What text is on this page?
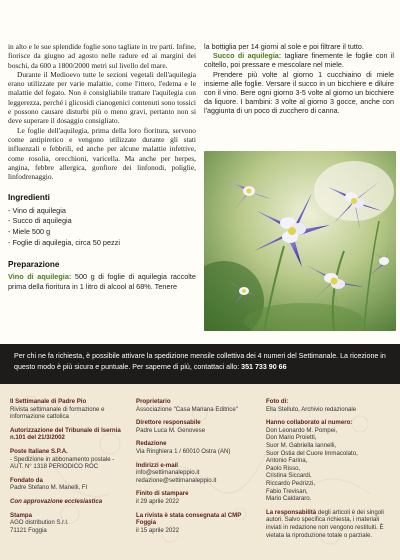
in alto e le sue splendide foglie sono tagliate in tre parti. Infine, fiorisce da giugno ad agosto nelle radure ed ai margini dei boschi, da 600 a 1800/2000 metri sul livello del mare.

Durante il Medioevo tutte le sezioni vegetali dell'aquilegia erano utilizzate per varie malattie, come l'ittero, l'edema e le malattie del fegato. Non è consigliabile trattare l'aquilegia con leggerezza, perché i glicosidi cianogenici contenuti sono tossici e possono causare disturbi più o meno gravi, pertanto non si deve superare il dosaggio consigliato.

Le foglie dell'aquilegia, prima della loro fioritura, servono come antipiretico e vengono utilizzate durante gli stati influenzali e febbrili, ed anche per alcune malattie infettive, come rosolia, orecchioni, varicella. Ma anche per herpes, angina, febbre allergica, gonfiore dei linfonodi, poliglie, linfodrenaggio.

Ingredienti
- Vino di aquilegia
- Succo di aquilegia
- Miele 500 g
- Foglie di aquilegia, circa 50 pezzi
Preparazione
Vino di aquilegia: 500 g di foglie di aquilegia raccolte prima della fioritura in 1 litro di alcool al 68%. Tenere

la bottiglia per 14 giorni al sole e poi filtrare il tutto.

Succo di aquilegia: tagliare finemente le foglie con il coltello, poi pressare e mescolare nel miele.

Prendere più volte al giorno 1 cucchiaino di miele insieme alle foglie. Versare il succo in un bicchiere e diluire con il vino. Bere ogni giorno 3-5 volte al giorno un bicchiere da liquore. I bambini: 3 volte al giorno 3 gocce, anche con l'aggiunta di un poco di zucchero di canna.

Per chi ne fa richiesta, è possibile attivare la spedizione mensile collettiva dei 4 numeri del Settimanale. La ricezione in questo modo è più sicura e puntuale. Per saperne di più, contattaci allo: 351 733 90 66
Il Settimanale di Padre Pio
Rivista settimanale di formazione e informazione cattolica
Autorizzazione del Tribunale di Isernia n.101 del 21/3/2002
Poste Italiane S.P.A.
- Spedizione in abbonamento postale - AUT. N° 1318 PERIODICO ROC
Fondato da
Padre Stefano M. Manelli, FI
Con approvazione ecclesiastica
Stampa
AGO distribution S.r.l.
71121 Foggia
Proprietario
Associazione "Casa Mariana Editrice"
Direttore responsabile
Padre Luca M. Genovese
Redazione
Via Ringhiera 1 / 60010 Ostra (AN)
Indirizzi e-mail
info@settimanaleppio.it
redazione@settimanaleppio.it
Finito di stampare
il 29 aprile 2022
La rivista è stata consegnata al CMP Foggia
il 15 aprile 2022
Foto di:
Ella Stelluto, Archivio redazionale
Hanno collaborato al numero:
Don Leonardo M. Pompei,
Don Mario Proietti,
Suor M. Gabriella Iannelli,
Suor Ostia del Cuore Immacolato,
Antonio Farina,
Paolo Risso,
Cristina Siccardi,
Riccardo Pedrizzi,
Fabio Trevisan,
Mario Caldararo.
La responsabilità degli articoli è dei singoli autori. Salvo specifica richiesta, i materiali inviati in redazione non vengono restituiti. È vietata la riproduzione totale o parziale.
